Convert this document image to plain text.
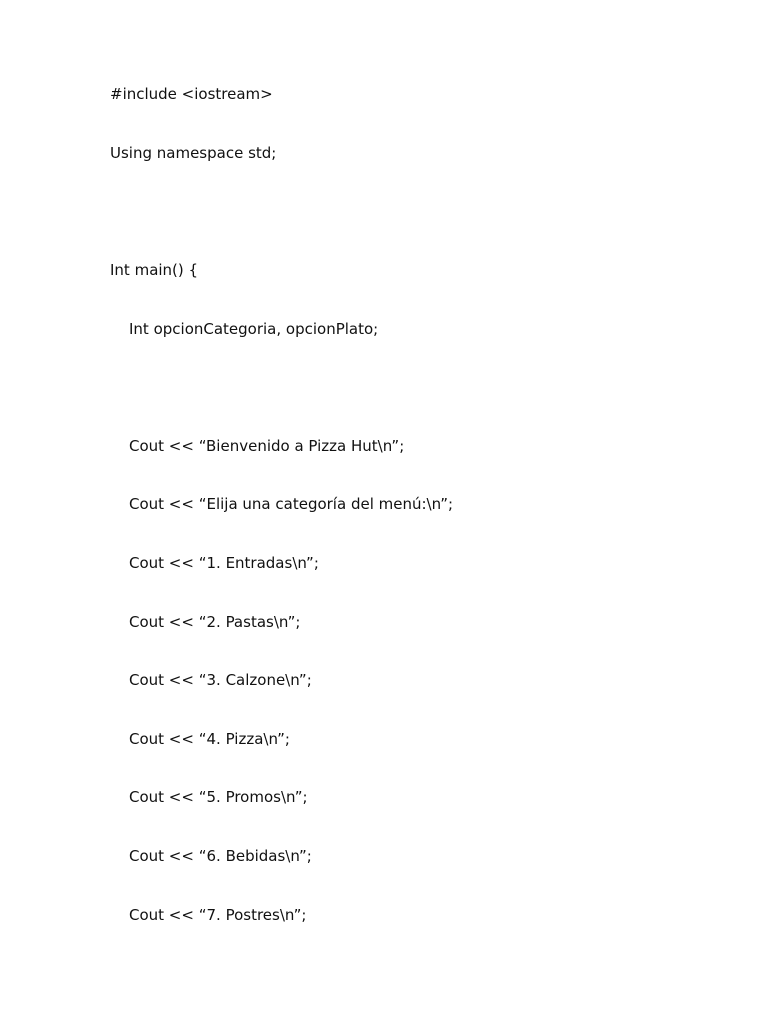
#include <iostream>
Using namespace std;
Int main() {
Int opcionCategoria, opcionPlato;
Cout << “Bienvenido a Pizza Hut\n”;
Cout << “Elija una categoría del menú:\n”;
Cout << “1. Entradas\n”;
Cout << “2. Pastas\n”;
Cout << “3. Calzone\n”;
Cout << “4. Pizza\n”;
Cout << “5. Promos\n”;
Cout << “6. Bebidas\n”;
Cout << “7. Postres\n”;
